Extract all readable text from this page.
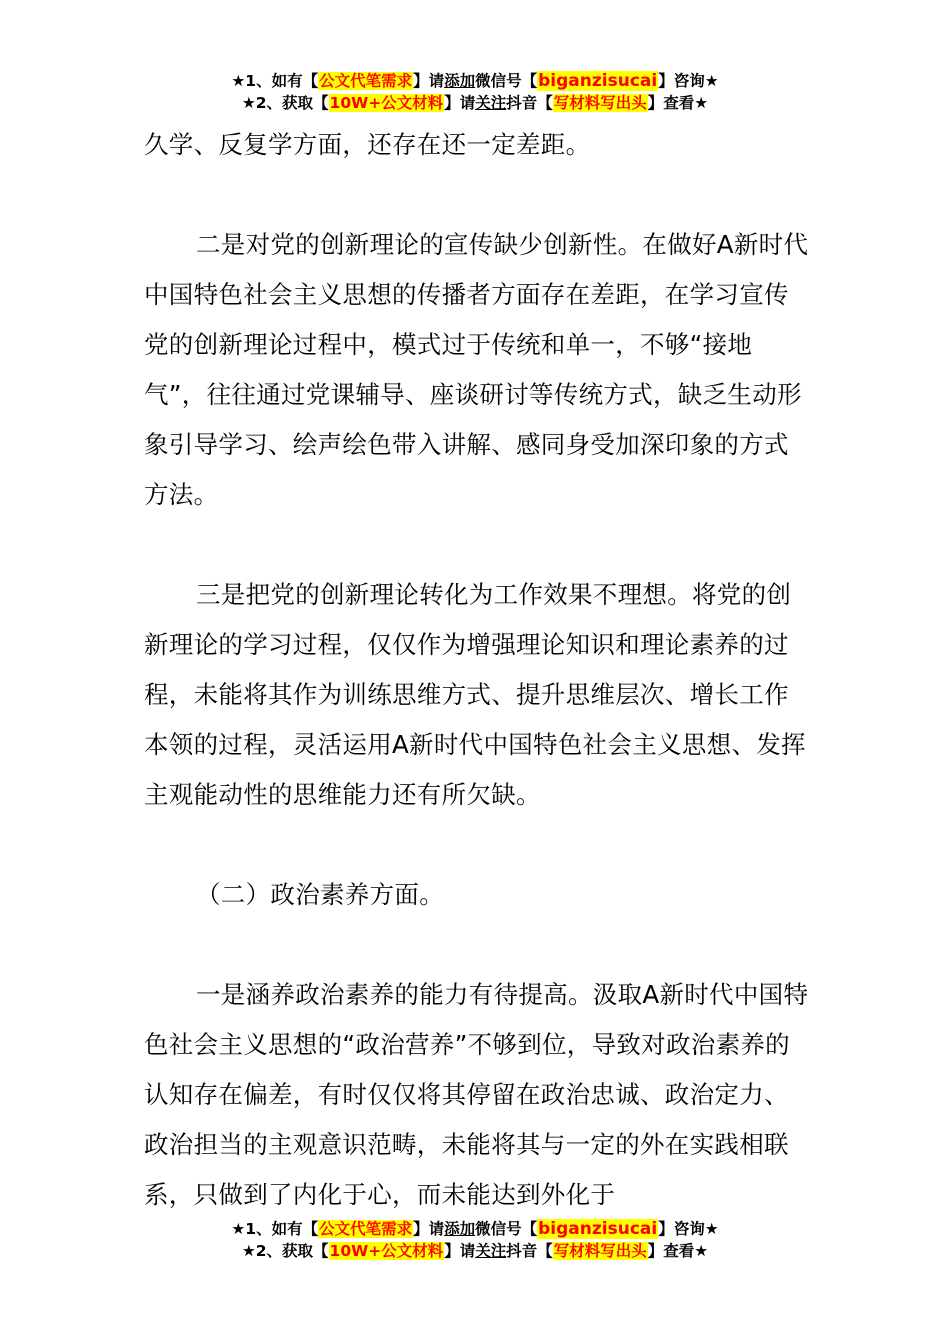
★1、如有【公文代笔需求】请添加微信号【biganzisucai】咨询★
★2、获取【10W+公文材料】请关注抖音【写材料写出头】查看★

久学、反复学方面，还存在还一定差距。

二是对党的创新理论的宣传缺少创新性。在做好A新时代中国特色社会主义思想的传播者方面存在差距，在学习宣传党的创新理论过程中，模式过于传统和单一，不够“接地气”，往往通过党课辅导、座谈研讨等传统方式，缺乏生动形象引导学习、绘声绘色带入讲解、感同身受加深印象的方式方法。

三是把党的创新理论转化为工作效果不理想。将党的创新理论的学习过程，仅仅作为增强理论知识和理论素养的过程，未能将其作为训练思维方式、提升思维层次、增长工作本领的过程，灵活运用A新时代中国特色社会主义思想、发挥主观能动性的思维能力还有所欠缺。

（二）政治素养方面。

一是涵养政治素养的能力有待提高。汲取A新时代中国特色社会主义思想的“政治营养”不够到位，导致对政治素养的认知存在偏差，有时仅仅将其停留在政治忠诚、政治定力、政治担当的主观意识范畴，未能将其与一定的外在实践相联系，只做到了内化于心，而未能达到外化于

★1、如有【公文代笔需求】请添加微信号【biganzisucai】咨询★
★2、获取【10W+公文材料】请关注抖音【写材料写出头】查看★
